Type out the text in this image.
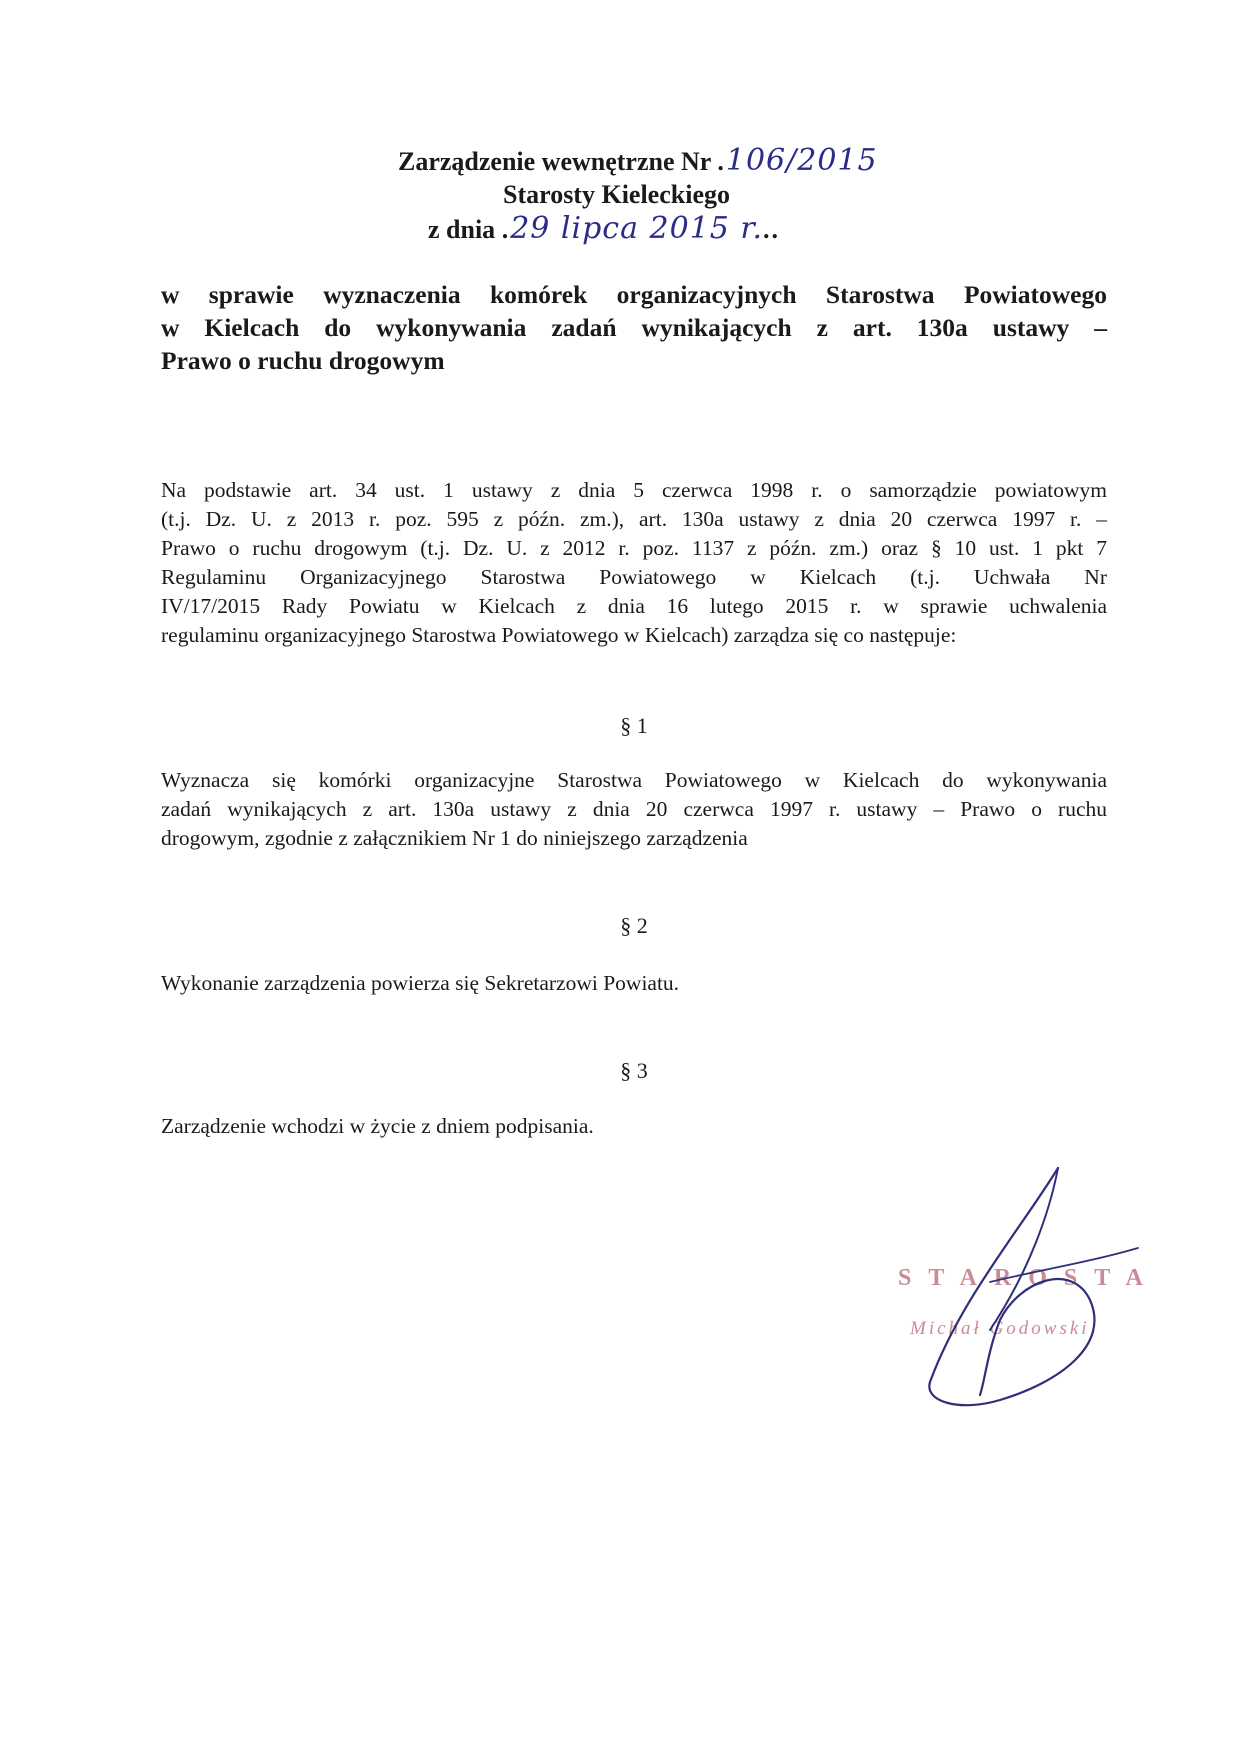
Zarządzenie wewnętrzne Nr .106/2015
Starosty Kieleckiego
z dnia .29 lipca 2015 r...
w sprawie wyznaczenia komórek organizacyjnych Starostwa Powiatowego
w Kielcach do wykonywania zadań wynikających z art. 130a ustawy –
Prawo o ruchu drogowym
Na podstawie art. 34 ust. 1 ustawy z dnia 5 czerwca 1998 r. o samorządzie powiatowym
(t.j. Dz. U. z 2013 r. poz. 595 z późn. zm.), art. 130a ustawy z dnia 20 czerwca 1997 r. –
Prawo o ruchu drogowym (t.j. Dz. U. z 2012 r. poz. 1137 z późn. zm.) oraz § 10 ust. 1 pkt 7
Regulaminu Organizacyjnego Starostwa Powiatowego w Kielcach (t.j. Uchwała Nr
IV/17/2015 Rady Powiatu w Kielcach z dnia 16 lutego 2015 r. w sprawie uchwalenia
regulaminu organizacyjnego Starostwa Powiatowego w Kielcach) zarządza się co następuje:
§ 1
Wyznacza się komórki organizacyjne Starostwa Powiatowego w Kielcach do wykonywania
zadań wynikających z art. 130a ustawy z dnia 20 czerwca 1997 r. ustawy – Prawo o ruchu
drogowym, zgodnie z załącznikiem Nr 1 do niniejszego zarządzenia
§ 2
Wykonanie zarządzenia powierza się Sekretarzowi Powiatu.
§ 3
Zarządzenie wchodzi w życie z dniem podpisania.
STAROSTA
Michał Godowski
